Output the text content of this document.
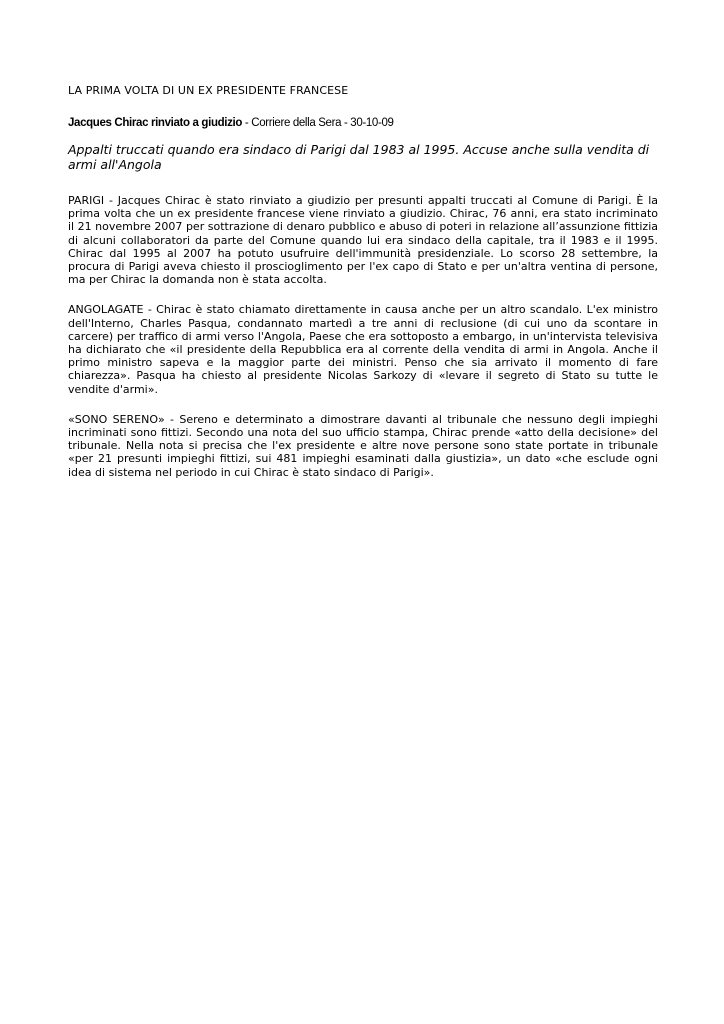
LA PRIMA VOLTA DI UN EX PRESIDENTE FRANCESE
Jacques Chirac rinviato a giudizio - Corriere della Sera - 30-10-09
Appalti truccati quando era sindaco di Parigi dal 1983 al 1995. Accuse anche sulla vendita di armi all'Angola

PARIGI - Jacques Chirac è stato rinviato a giudizio per presunti appalti truccati al Comune di Parigi. È la prima volta che un ex presidente francese viene rinviato a giudizio. Chirac, 76 anni, era stato incriminato il 21 novembre 2007 per sottrazione di denaro pubblico e abuso di poteri in relazione all’assunzione fittizia di alcuni collaboratori da parte del Comune quando lui era sindaco della capitale, tra il 1983 e il 1995. Chirac dal 1995 al 2007 ha potuto usufruire dell'immunità presidenziale. Lo scorso 28 settembre, la procura di Parigi aveva chiesto il proscioglimento per l'ex capo di Stato e per un'altra ventina di persone, ma per Chirac la domanda non è stata accolta.

ANGOLAGATE - Chirac è stato chiamato direttamente in causa anche per un altro scandalo. L'ex ministro dell'Interno, Charles Pasqua, condannato martedì a tre anni di reclusione (di cui uno da scontare in carcere) per traffico di armi verso l'Angola, Paese che era sottoposto a embargo, in un'intervista televisiva ha dichiarato che «il presidente della Repubblica era al corrente della vendita di armi in Angola. Anche il primo ministro sapeva e la maggior parte dei ministri. Penso che sia arrivato il momento di fare chiarezza». Pasqua ha chiesto al presidente Nicolas Sarkozy di «levare il segreto di Stato su tutte le vendite d'armi».

«SONO SERENO» - Sereno e determinato a dimostrare davanti al tribunale che nessuno degli impieghi incriminati sono fittizi. Secondo una nota del suo ufficio stampa, Chirac prende «atto della decisione» del tribunale. Nella nota si precisa che l'ex presidente e altre nove persone sono state portate in tribunale «per 21 presunti impieghi fittizi, sui 481 impieghi esaminati dalla giustizia», un dato «che esclude ogni idea di sistema nel periodo in cui Chirac è stato sindaco di Parigi».
